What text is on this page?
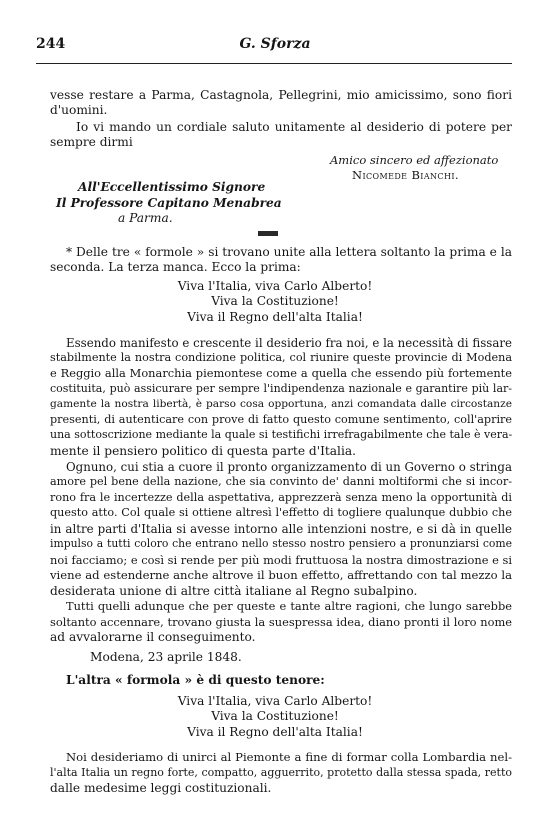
244	G. Sforza
vesse restare a Parma, Castagnola, Pellegrini, mio amicissimo, sono fiori
d'uomini.
Io vi mando un cordiale saluto unitamente al desiderio di potere per
sempre dirmi
Amico sincero ed affezionato
Nicomede Bianchi.
All'Eccellentissimo Signore
Il Professore Capitano Menabrea
a Parma.
* Delle tre « formole » si trovano unite alla lettera soltanto la prima e la
seconda. La terza manca. Ecco la prima:
Viva l'Italia, viva Carlo Alberto!
Viva la Costituzione!
Viva il Regno dell'alta Italia!
Essendo manifesto e crescente il desiderio fra noi, e la necessità di fissare
stabilmente la nostra condizione politica, col riunire queste provincie di Modena
e Reggio alla Monarchia piemontese come a quella che essendo più fortemente
costituita, può assicurare per sempre l'indipendenza nazionale e garantire più lar-
gamente la nostra libertà, è parso cosa opportuna, anzi comandata dalle circostanze
presenti, di autenticare con prove di fatto questo comune sentimento, coll'aprire
una sottoscrizione mediante la quale si testifichi irrefragabilmente che tale è vera-
mente il pensiero politico di questa parte d'Italia.
Ognuno, cui stia a cuore il pronto organizzamento di un Governo o stringa
amore pel bene della nazione, che sia convinto de' danni moltiformi che si incor-
rono fra le incertezze della aspettativa, apprezzerà senza meno la opportunità di
questo atto. Col quale si ottiene altresì l'effetto di togliere qualunque dubbio che
in altre parti d'Italia si avesse intorno alle intenzioni nostre, e si dà in quelle
impulso a tutti coloro che entrano nello stesso nostro pensiero a pronunziarsi come
noi facciamo; e così si rende per più modi fruttuosa la nostra dimostrazione e si
viene ad estenderne anche altrove il buon effetto, affrettando con tal mezzo la
desiderata unione di altre città italiane al Regno subalpino.
Tutti quelli adunque che per queste e tante altre ragioni, che lungo sarebbe
soltanto accennare, trovano giusta la suespressa idea, diano pronti il loro nome
ad avvalorarne il conseguimento.
Modena, 23 aprile 1848.
L'altra « formola » è di questo tenore:
Viva l'Italia, viva Carlo Alberto!
Viva la Costituzione!
Viva il Regno dell'alta Italia!
Noi desideriamo di unirci al Piemonte a fine di formar colla Lombardia nel-
l'alta Italia un regno forte, compatto, agguerrito, protetto dalla stessa spada, retto
dalle medesime leggi costituzionali.
